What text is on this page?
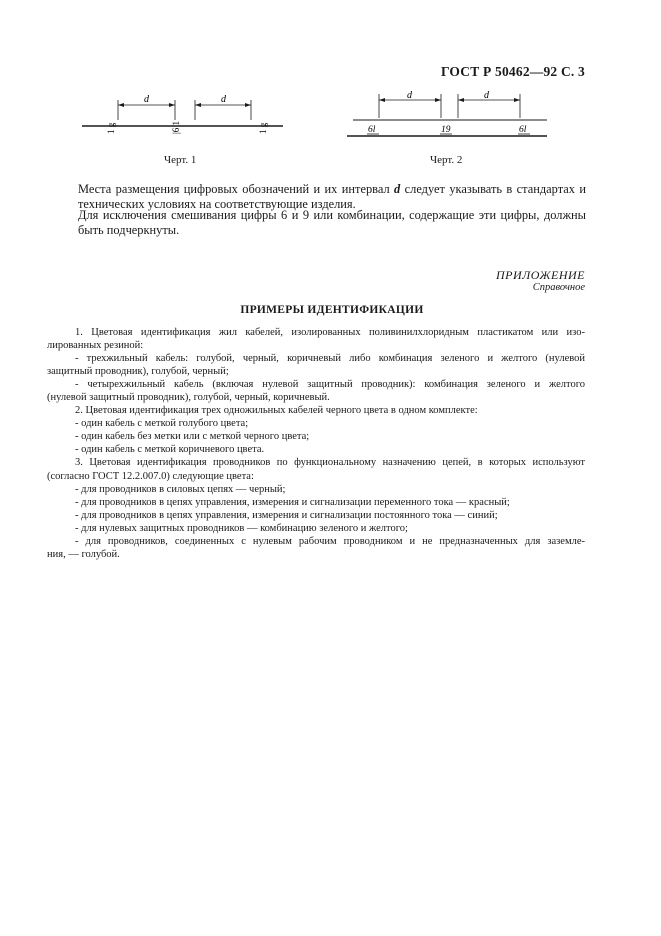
ГОСТ Р 50462—92 С. 3
d	d
1 g	|6 1	1 g
Черт. 1
d	d
6l	19	6l
Черт. 2
Места размещения цифровых обозначений и их интервал d следует указывать в стандартах и технических условиях на соответствующие изделия.
Для исключения смешивания цифры 6 и 9 или комбинации, содержащие эти цифры, должны быть подчеркнуты.
ПРИЛОЖЕНИЕ
Справочное
ПРИМЕРЫ ИДЕНТИФИКАЦИИ
1. Цветовая идентификация жил кабелей, изолированных поливинилхлоридным пластикатом или изо-
лированных резиной:
- трехжильный кабель: голубой, черный, коричневый либо комбинация зеленого и желтого (нулевой
защитный проводник), голубой, черный;
- четырехжильный кабель (включая нулевой защитный проводник): комбинация зеленого и желтого
(нулевой защитный проводник), голубой, черный, коричневый.
2. Цветовая идентификация трех одножильных кабелей черного цвета в одном комплекте:
- один кабель с меткой голубого цвета;
- один кабель без метки или с меткой черного цвета;
- один кабель с меткой коричневого цвета.
3. Цветовая идентификация проводников по функциональному назначению цепей, в которых используют
(согласно ГОСТ 12.2.007.0) следующие цвета:
- для проводников в силовых цепях — черный;
- для проводников в цепях управления, измерения и сигнализации переменного тока — красный;
- для проводников в цепях управления, измерения и сигнализации постоянного тока — синий;
- для нулевых защитных проводников — комбинацию зеленого и желтого;
- для проводников, соединенных с нулевым рабочим проводником и не предназначенных для заземле-
ния, — голубой.
